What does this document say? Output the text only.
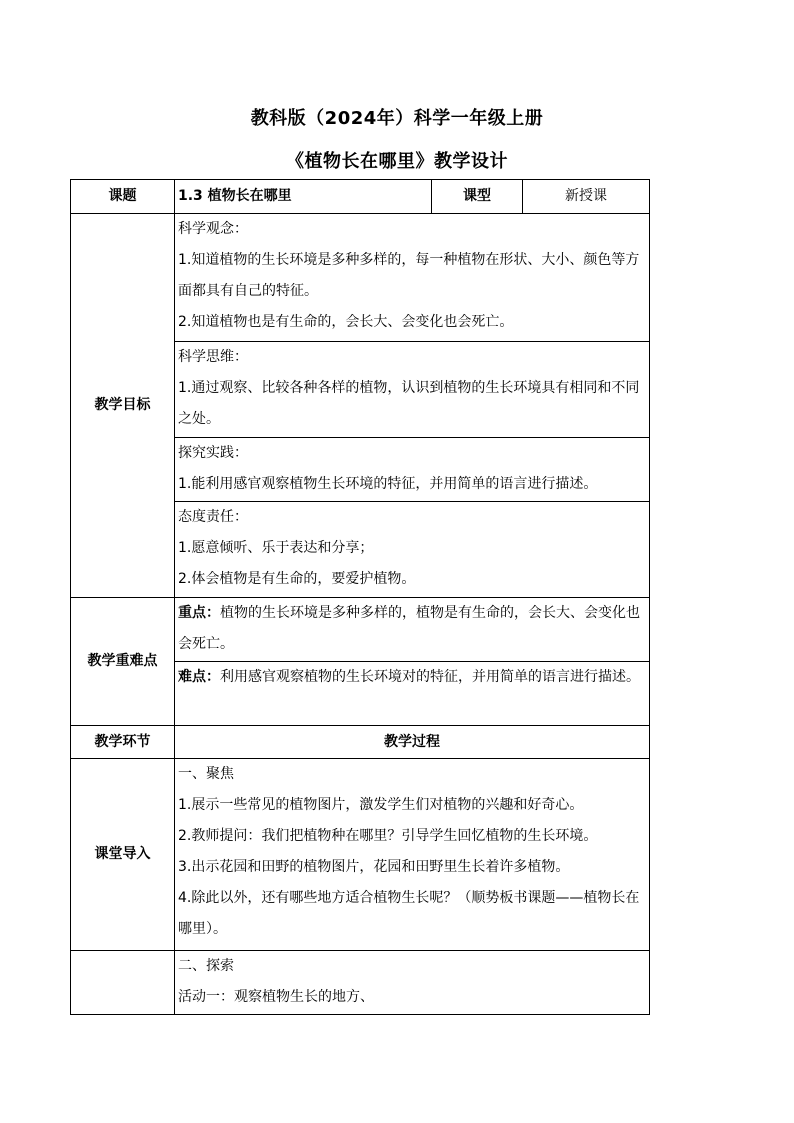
教科版（2024年）科学一年级上册
《植物长在哪里》教学设计
课题	1.3 植物长在哪里	课型	新授课
教学目标	科学观念：
1.知道植物的生长环境是多种多样的，每一种植物在形状、大小、颜色等方面都具有自己的特征。
2.知道植物也是有生命的，会长大、会变化也会死亡。		

	科学思维：
1.通过观察、比较各种各样的植物，认识到植物的生长环境具有相同和不同之处。		

	探究实践：
1.能利用感官观察植物生长环境的特征，并用简单的语言进行描述。		

	态度责任：
1.愿意倾听、乐于表达和分享；
2.体会植物是有生命的，要爱护植物。		

教学重难点	重点：植物的生长环境是多种多样的，植物是有生命的，会长大、会变化也会死亡。		

	难点：利用感官观察植物的生长环境对的特征，并用简单的语言进行描述。		

教学环节	教学过程		
课堂导入	一、聚焦
1.展示一些常见的植物图片，激发学生们对植物的兴趣和好奇心。
2.教师提问：我们把植物种在哪里？引导学生回忆植物的生长环境。
3.出示花园和田野的植物图片，花园和田野里生长着许多植物。
4.除此以外，还有哪些地方适合植物生长呢？（顺势板书课题——植物长在哪里）。		

	二、探索
活动一：观察植物生长的地方、		
